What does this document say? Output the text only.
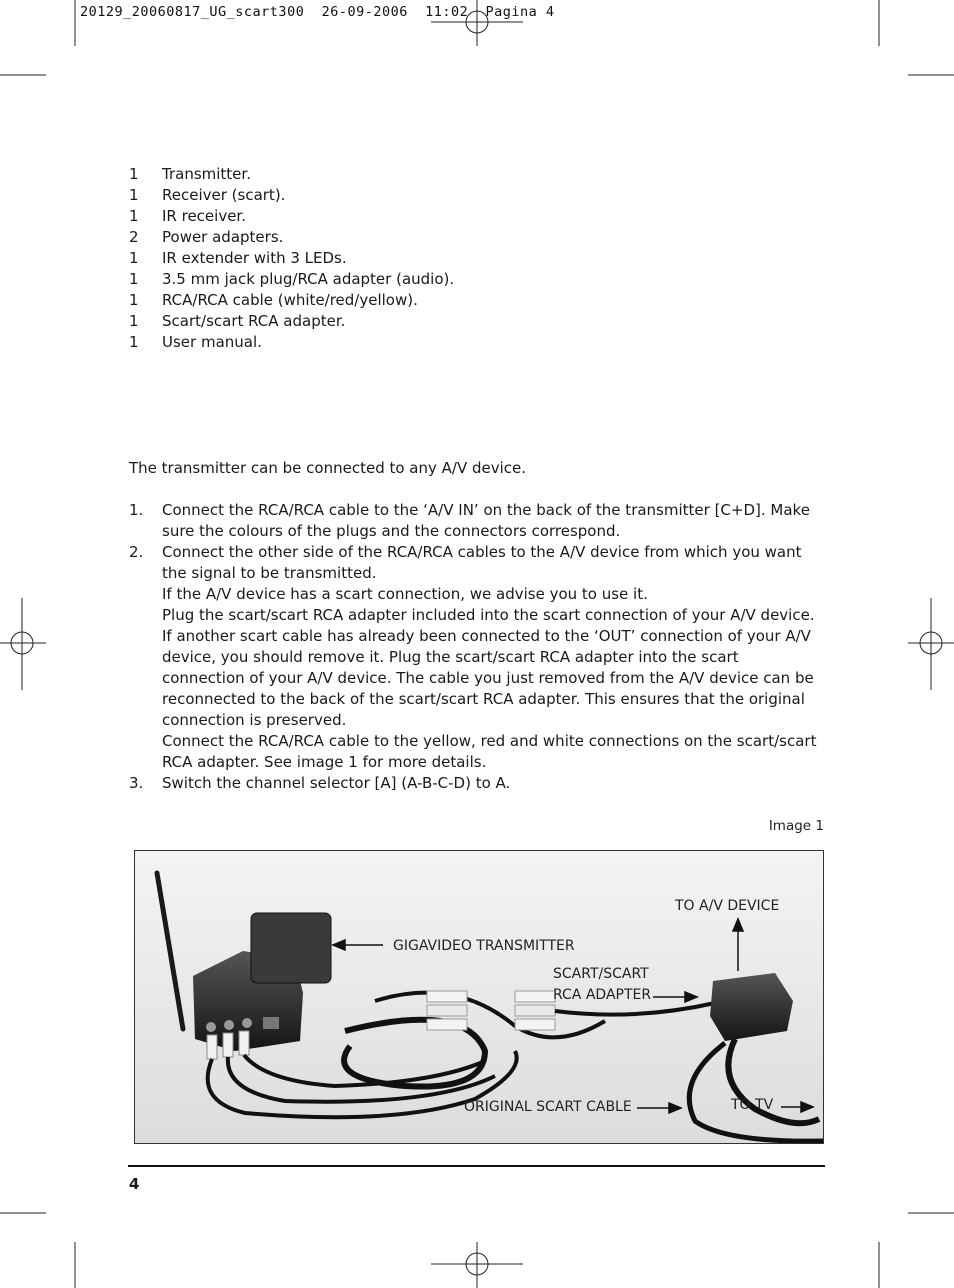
20129_20060817_UG_scart300  26-09-2006  11:02  Pagina 4
1	Transmitter.
1	Receiver (scart).
1	IR receiver.
2	Power adapters.
1	IR extender with 3 LEDs.
1	3.5 mm jack plug/RCA adapter (audio).
1	RCA/RCA cable (white/red/yellow).
1	Scart/scart RCA adapter.
1	User manual.
The transmitter can be connected to any A/V device.
1.	Connect the RCA/RCA cable to the ‘A/V IN’ on the back of the transmitter [C+D]. Make sure the colours of the plugs and the connectors correspond.

2.	Connect the other side of the RCA/RCA cables to the A/V device from which you want the signal to be transmitted.

If the A/V device has a scart connection, we advise you to use it.

Plug the scart/scart RCA adapter included into the scart connection of your A/V device. If another scart cable has already been connected to the ‘OUT’ connection of your A/V device, you should remove it. Plug the scart/scart RCA adapter into the scart connection of your A/V device. The cable you just removed from the A/V device can be reconnected to the back of the scart/scart RCA adapter. This ensures that the original connection is preserved.

Connect the RCA/RCA cable to the yellow, red and white connections on the scart/scart RCA adapter. See image 1 for more details.

3.	Switch the channel selector [A] (A-B-C-D) to A.

Image 1
GIGAVIDEO TRANSMITTER
TO A/V DEVICE
SCART/SCART
RCA ADAPTER
ORIGINAL SCART CABLE	TO TV
4
